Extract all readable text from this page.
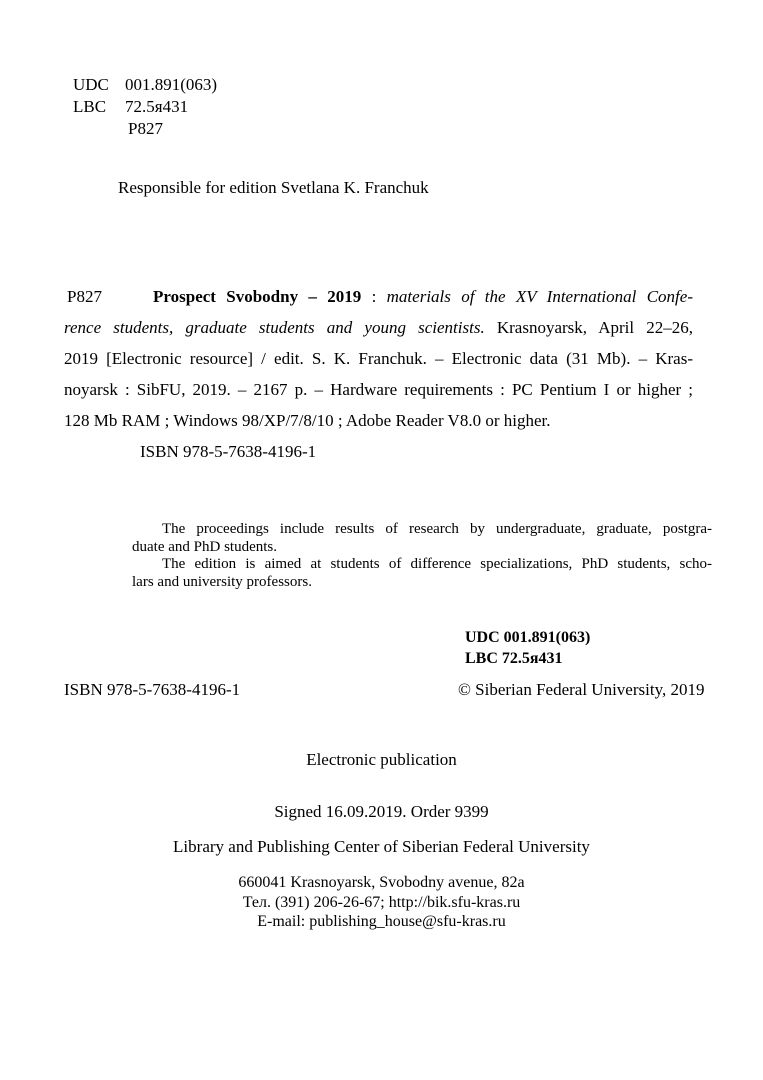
UDC 001.891(063)
LBC 72.5я431
P827
Responsible for edition Svetlana K. Franchuk
P827	Prospect Svobodny – 2019 : materials of the XV International Confe-
rence students, graduate students and young scientists. Krasnoyarsk, April 22–26,
2019 [Electronic resource] / edit. S. K. Franchuk. – Electronic data (31 Mb). – Kras-
noyarsk : SibFU, 2019. – 2167 p. – Hardware requirements : PC Pentium I or higher ;
128 Mb RAM ; Windows 98/XP/7/8/10 ; Adobe Reader V8.0 or higher.
ISBN 978-5-7638-4196-1
The proceedings include results of research by undergraduate, graduate, postgra-
duate and PhD students.
The edition is aimed at students of difference specializations, PhD students, scho-
lars and university professors.
UDC 001.891(063)
LBC 72.5я431
ISBN 978-5-7638-4196-1	© Siberian Federal University, 2019
Electronic publication
Signed 16.09.2019. Order 9399
Library and Publishing Center of Siberian Federal University
660041 Krasnoyarsk, Svobodny avenue, 82a
Тел. (391) 206-26-67; http://bik.sfu-kras.ru
E-mail: publishing_house@sfu-kras.ru
